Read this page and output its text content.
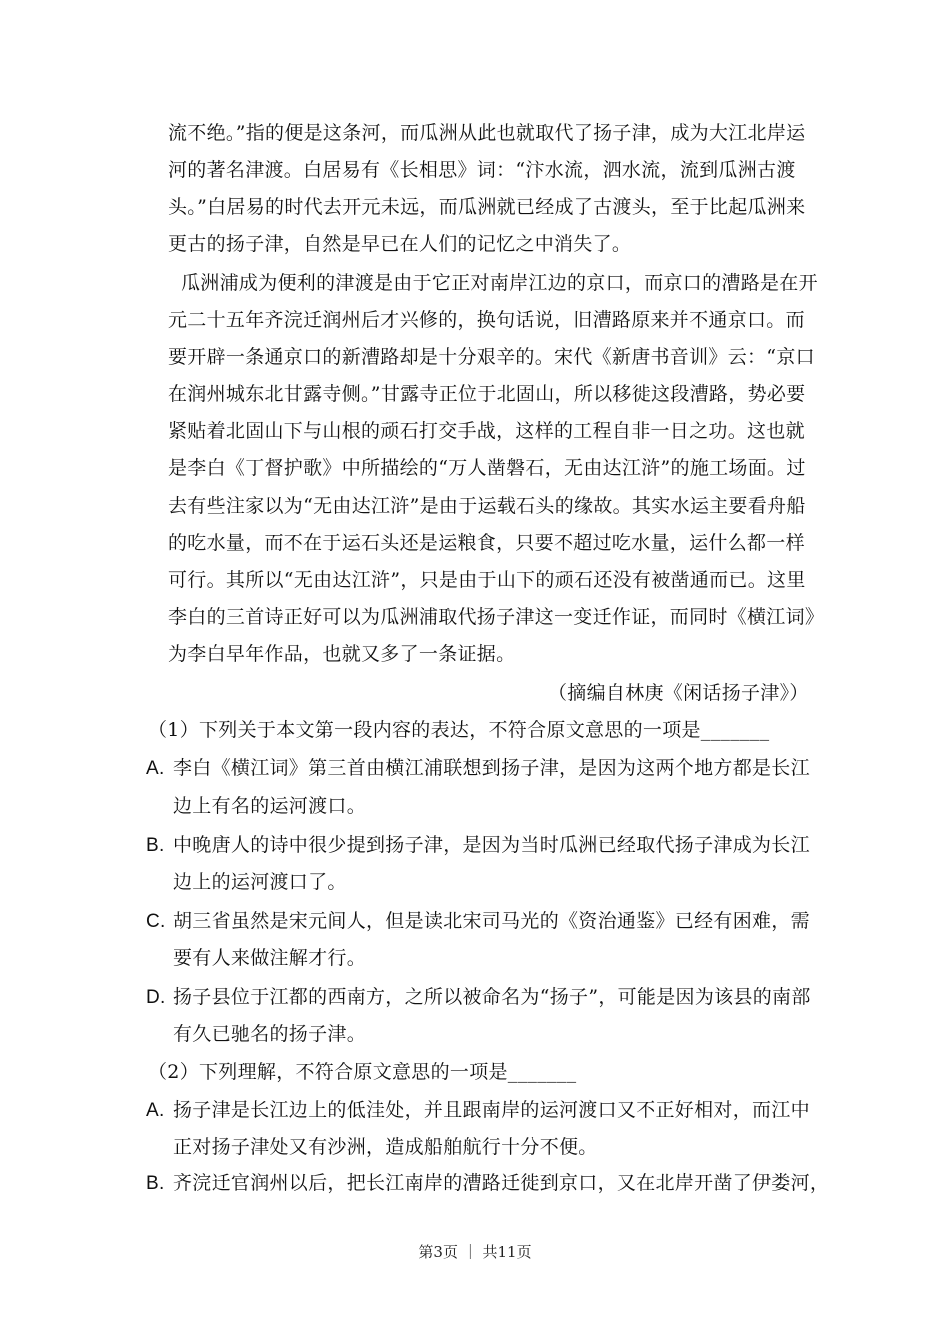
流不绝。”指的便是这条河，而瓜洲从此也就取代了扬子津，成为大江北岸运
河的著名津渡。白居易有《长相思》词：“汴水流，泗水流，流到瓜洲古渡
头。”白居易的时代去开元未远，而瓜洲就已经成了古渡头，至于比起瓜洲来
更古的扬子津，自然是早已在人们的记忆之中消失了。
瓜洲浦成为便利的津渡是由于它正对南岸江边的京口，而京口的漕路是在开
元二十五年齐浣迁润州后才兴修的，换句话说，旧漕路原来并不通京口。而
要开辟一条通京口的新漕路却是十分艰辛的。宋代《新唐书音训》云：“京口
在润州城东北甘露寺侧。”甘露寺正位于北固山，所以移徙这段漕路，势必要
紧贴着北固山下与山根的顽石打交手战，这样的工程自非一日之功。这也就
是李白《丁督护歌》中所描绘的“万人凿磐石，无由达江浒”的施工场面。过
去有些注家以为“无由达江浒”是由于运载石头的缘故。其实水运主要看舟船
的吃水量，而不在于运石头还是运粮食，只要不超过吃水量，运什么都一样
可行。其所以“无由达江浒”，只是由于山下的顽石还没有被凿通而已。这里
李白的三首诗正好可以为瓜洲浦取代扬子津这一变迁作证，而同时《横江词》
为李白早年作品，也就又多了一条证据。
（摘编自林庚《闲话扬子津》）
（1）下列关于本文第一段内容的表达，不符合原文意思的一项是_______
A. 李白《横江词》第三首由横江浦联想到扬子津，是因为这两个地方都是长江
边上有名的运河渡口。
B. 中晚唐人的诗中很少提到扬子津，是因为当时瓜洲已经取代扬子津成为长江
边上的运河渡口了。
C. 胡三省虽然是宋元间人，但是读北宋司马光的《资治通鉴》已经有困难，需
要有人来做注解才行。
D. 扬子县位于江都的西南方，之所以被命名为“扬子”，可能是因为该县的南部
有久已驰名的扬子津。
（2）下列理解，不符合原文意思的一项是_______
A. 扬子津是长江边上的低洼处，并且跟南岸的运河渡口又不正好相对，而江中
正对扬子津处又有沙洲，造成船舶航行十分不便。
B. 齐浣迁官润州以后，把长江南岸的漕路迁徙到京口，又在北岸开凿了伊娄河，
第3页 ｜ 共11页
